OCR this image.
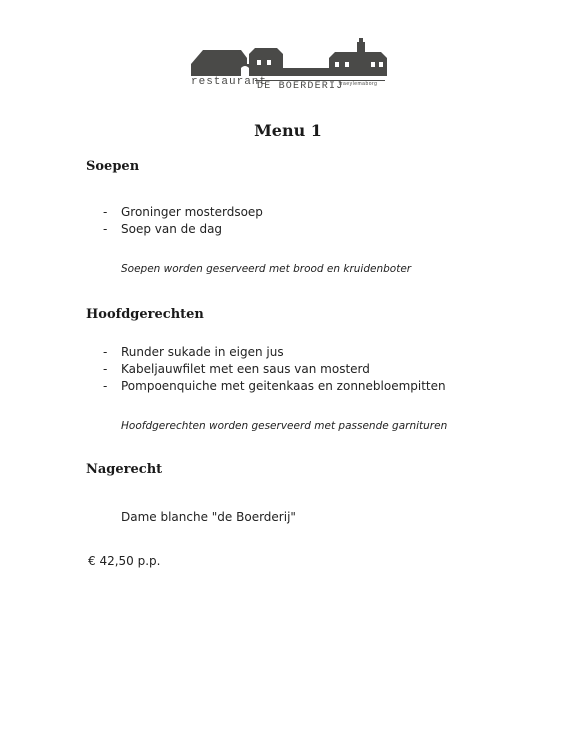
restaurant
DE BOERDERIJ
fraeylemaborg
Menu 1
Soepen
- Groninger mosterdsoep
- Soep van de dag
Soepen worden geserveerd met brood en kruidenboter
Hoofdgerechten
- Runder sukade in eigen jus
- Kabeljauwfilet met een saus van mosterd
- Pompoenquiche met geitenkaas en zonnebloempitten
Hoofdgerechten worden geserveerd met passende garnituren
Nagerecht
Dame blanche "de Boerderij"
€ 42,50 p.p.
